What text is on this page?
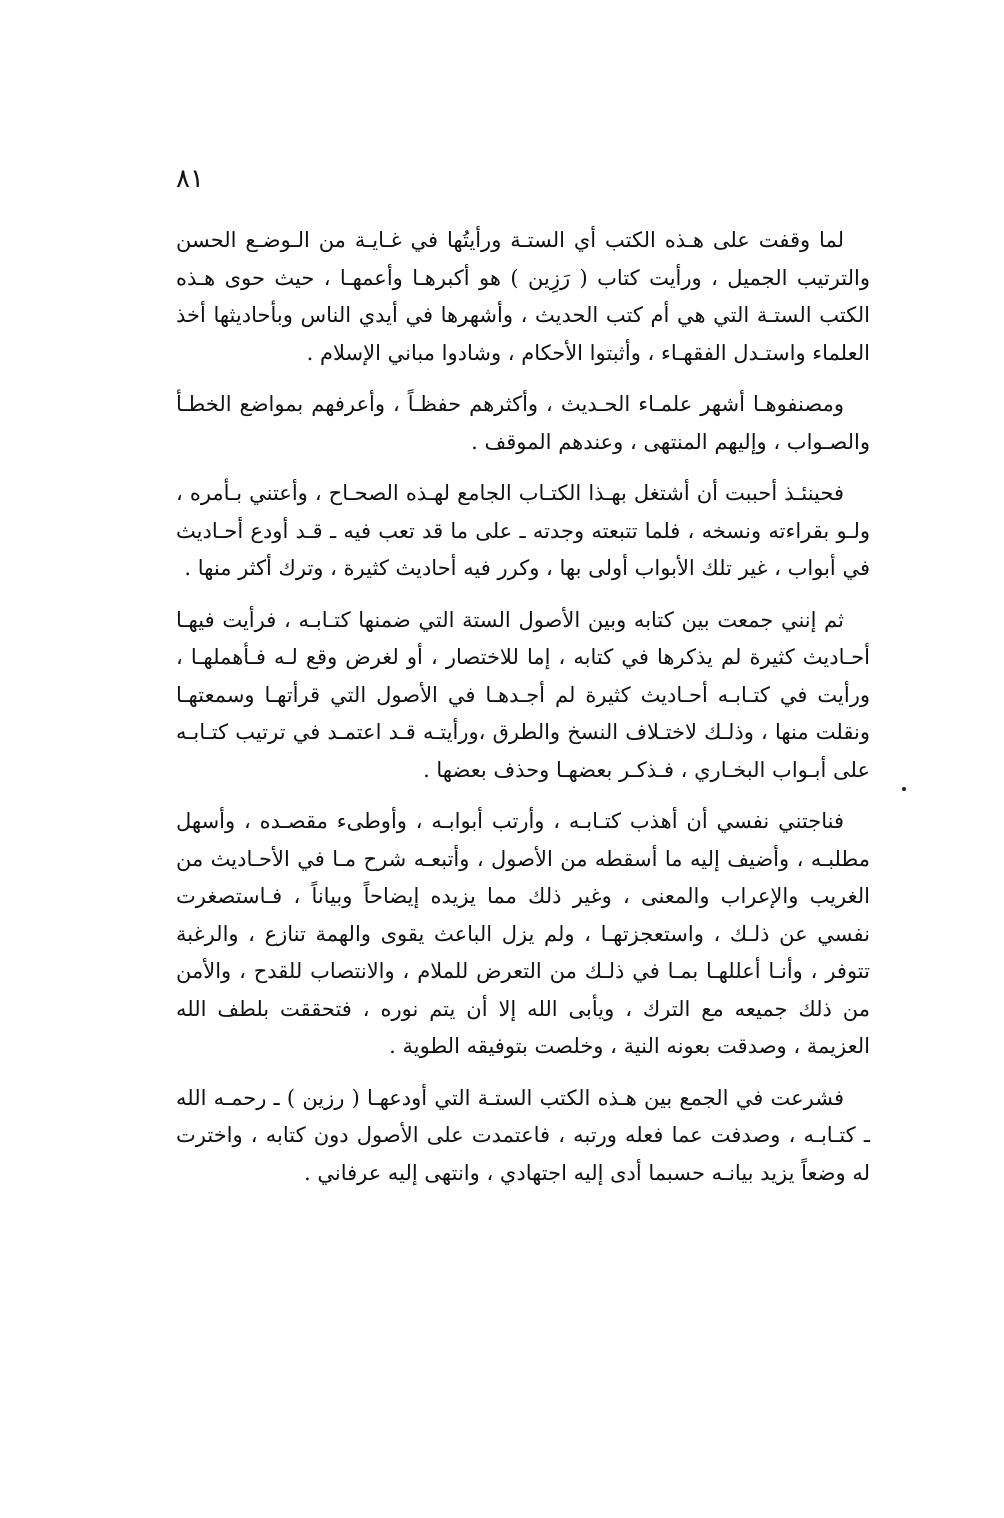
٨١

لما وقفت على هـذه الكتب أي الستـة ورأيتُها في غـايـة من الـوضـع الحسن والترتيب الجميل ، ورأيت كتاب ( رَزِين ) هو أكبرهـا وأعمهـا ، حيث حوى هـذه الكتب الستـة التي هي أم كتب الحديث ، وأشهرها في أيدي الناس وبأحاديثها أخذ العلماء واستـدل الفقهـاء ، وأثبتوا الأحكام ، وشادوا مباني الإسلام .

ومصنفوهـا أشهر علمـاء الحـديث ، وأكثرهم حفظـاً ، وأعرفهم بمواضع الخطـأ والصـواب ، وإليهم المنتهى ، وعندهم الموقف .

فحينئـذ أحببت أن أشتغل بهـذا الكتـاب الجامع لهـذه الصحـاح ، وأعتني بـأمره ، ولـو بقراءته ونسخه ، فلما تتبعته وجدته ـ على ما قد تعب فيه ـ قـد أودع أحـاديث في أبواب ، غير تلك الأبواب أولى بها ، وكرر فيه أحاديث كثيرة ، وترك أكثر منها .

ثم إنني جمعت بين كتابه وبين الأصول الستة التي ضمنها كتـابـه ، فرأيت فيهـا أحـاديث كثيرة لم يذكرها في كتابه ، إما للاختصار ، أو لغرض وقع لـه فـأهملهـا ، ورأيت في كتـابـه أحـاديث كثيرة لم أجـدهـا في الأصول التي قرأتهـا وسمعتهـا ونقلت منها ، وذلـك لاختـلاف النسخ والطرق ،ورأيتـه قـد اعتمـد في ترتيب كتـابـه على أبـواب البخـاري ، فـذكـر بعضهـا وحذف بعضها .

فناجتني نفسي أن أهذب كتـابـه ، وأرتب أبوابـه ، وأوطىء مقصـده ، وأسهل مطلبـه ، وأضيف إليه ما أسقطه من الأصول ، وأتبعـه شرح مـا في الأحـاديث من الغريب والإعراب والمعنى ، وغير ذلك مما يزيده إيضاحاً وبياناً ، فـاستصغرت نفسي عن ذلـك ، واستعجزتهـا ، ولم يزل الباعث يقوى والهمة تنازع ، والرغبة تتوفر ، وأنـا أعللهـا بمـا في ذلـك من التعرض للملام ، والانتصاب للقدح ، والأمن من ذلك جميعه مع الترك ، ويأبى الله إلا أن يتم نوره ، فتحققت بلطف الله العزيمة ، وصدقت بعونه النية ، وخلصت بتوفيقه الطوية .

فشرعت في الجمع بين هـذه الكتب الستـة التي أودعهـا ( رزين ) ـ رحمـه الله ـ كتـابـه ، وصدفت عما فعله ورتبه ، فاعتمدت على الأصول دون كتابه ، واخترت له وضعاً يزيد بيانـه حسبما أدى إليه اجتهادي ، وانتهى إليه عرفاني .
